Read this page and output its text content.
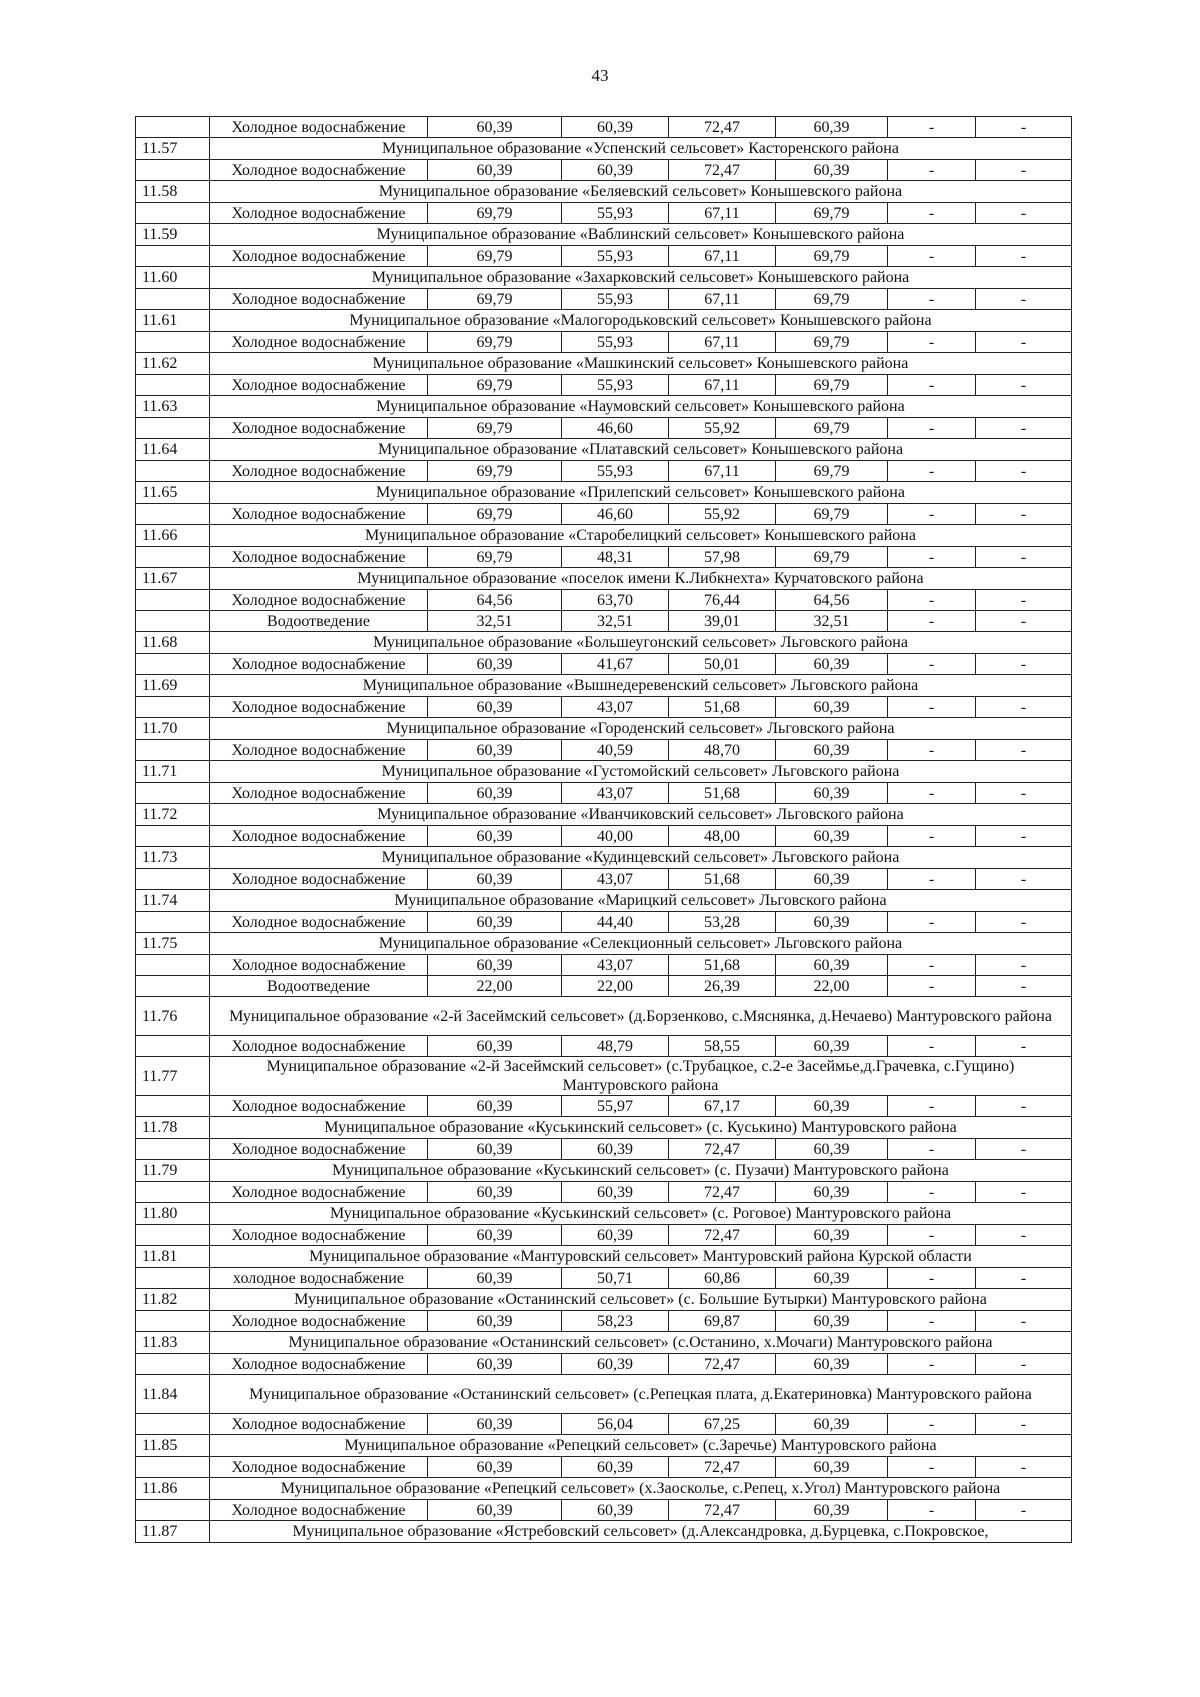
43
	Холодное водоснабжение	60,39	60,39	72,47	60,39	-	-
11.57	Муниципальное образование «Успенский сельсовет» Касторенского района						
	Холодное водоснабжение	60,39	60,39	72,47	60,39	-	-
11.58	Муниципальное образование «Беляевский сельсовет» Конышевского района						
	Холодное водоснабжение	69,79	55,93	67,11	69,79	-	-
11.59	Муниципальное образование «Ваблинский сельсовет» Конышевского района						
	Холодное водоснабжение	69,79	55,93	67,11	69,79	-	-
11.60	Муниципальное образование «Захарковский сельсовет» Конышевского района						
	Холодное водоснабжение	69,79	55,93	67,11	69,79	-	-
11.61	Муниципальное образование «Малогородьковский сельсовет» Конышевского района						
	Холодное водоснабжение	69,79	55,93	67,11	69,79	-	-
11.62	Муниципальное образование «Машкинский сельсовет» Конышевского района						
	Холодное водоснабжение	69,79	55,93	67,11	69,79	-	-
11.63	Муниципальное образование «Наумовский сельсовет» Конышевского района						
	Холодное водоснабжение	69,79	46,60	55,92	69,79	-	-
11.64	Муниципальное образование «Платавский сельсовет» Конышевского района						
	Холодное водоснабжение	69,79	55,93	67,11	69,79	-	-
11.65	Муниципальное образование «Прилепский сельсовет» Конышевского района						
	Холодное водоснабжение	69,79	46,60	55,92	69,79	-	-
11.66	Муниципальное образование «Старобелицкий сельсовет» Конышевского района						
	Холодное водоснабжение	69,79	48,31	57,98	69,79	-	-
11.67	Муниципальное образование «поселок имени К.Либкнехта» Курчатовского района						
	Холодное водоснабжение	64,56	63,70	76,44	64,56	-	-
	Водоотведение	32,51	32,51	39,01	32,51	-	-
11.68	Муниципальное образование «Большеугонский сельсовет» Льговского района						
	Холодное водоснабжение	60,39	41,67	50,01	60,39	-	-
11.69	Муниципальное образование «Вышнедеревенский сельсовет» Льговского района						
	Холодное водоснабжение	60,39	43,07	51,68	60,39	-	-
11.70	Муниципальное образование «Городенский сельсовет» Льговского района						
	Холодное водоснабжение	60,39	40,59	48,70	60,39	-	-
11.71	Муниципальное образование «Густомойский сельсовет» Льговского района						
	Холодное водоснабжение	60,39	43,07	51,68	60,39	-	-
11.72	Муниципальное образование «Иванчиковский сельсовет» Льговского района						
	Холодное водоснабжение	60,39	40,00	48,00	60,39	-	-
11.73	Муниципальное образование «Кудинцевский сельсовет» Льговского района						
	Холодное водоснабжение	60,39	43,07	51,68	60,39	-	-
11.74	Муниципальное образование «Марицкий сельсовет» Льговского района						
	Холодное водоснабжение	60,39	44,40	53,28	60,39	-	-
11.75	Муниципальное образование «Селекционный сельсовет» Льговского района						
	Холодное водоснабжение	60,39	43,07	51,68	60,39	-	-
	Водоотведение	22,00	22,00	26,39	22,00	-	-
11.76	Муниципальное образование «2-й Засеймский сельсовет» (д.Борзенково, с.Мяснянка, д.Нечаево) Мантуровского района						
	Холодное водоснабжение	60,39	48,79	58,55	60,39	-	-
11.77	Муниципальное образование «2-й Засеймский сельсовет» (с.Трубацкое, с.2-е Засеймье,д.Грачевка, с.Гущино) Мантуровского района						
	Холодное водоснабжение	60,39	55,97	67,17	60,39	-	-
11.78	Муниципальное образование «Куськинский сельсовет» (с. Куськино) Мантуровского района						
	Холодное водоснабжение	60,39	60,39	72,47	60,39	-	-
11.79	Муниципальное образование «Куськинский сельсовет» (с. Пузачи) Мантуровского района						
	Холодное водоснабжение	60,39	60,39	72,47	60,39	-	-
11.80	Муниципальное образование «Куськинский сельсовет» (с. Роговое) Мантуровского района						
	Холодное водоснабжение	60,39	60,39	72,47	60,39	-	-
11.81	Муниципальное образование «Мантуровский сельсовет» Мантуровский района Курской области						
	холодное водоснабжение	60,39	50,71	60,86	60,39	-	-
11.82	Муниципальное образование «Останинский сельсовет» (с. Большие Бутырки) Мантуровского района						
	Холодное водоснабжение	60,39	58,23	69,87	60,39	-	-
11.83	Муниципальное образование «Останинский сельсовет» (с.Останино, х.Мочаги) Мантуровского района						
	Холодное водоснабжение	60,39	60,39	72,47	60,39	-	-
11.84	Муниципальное образование «Останинский сельсовет» (с.Репецкая плата, д.Екатериновка) Мантуровского района						
	Холодное водоснабжение	60,39	56,04	67,25	60,39	-	-
11.85	Муниципальное образование «Репецкий сельсовет» (с.Заречье) Мантуровского района						
	Холодное водоснабжение	60,39	60,39	72,47	60,39	-	-
11.86	Муниципальное образование «Репецкий сельсовет» (х.Заосколье, с.Репец, х.Угол) Мантуровского района						
	Холодное водоснабжение	60,39	60,39	72,47	60,39	-	-
11.87	Муниципальное образование «Ястребовский сельсовет» (д.Александровка, д.Бурцевка, с.Покровское,						
